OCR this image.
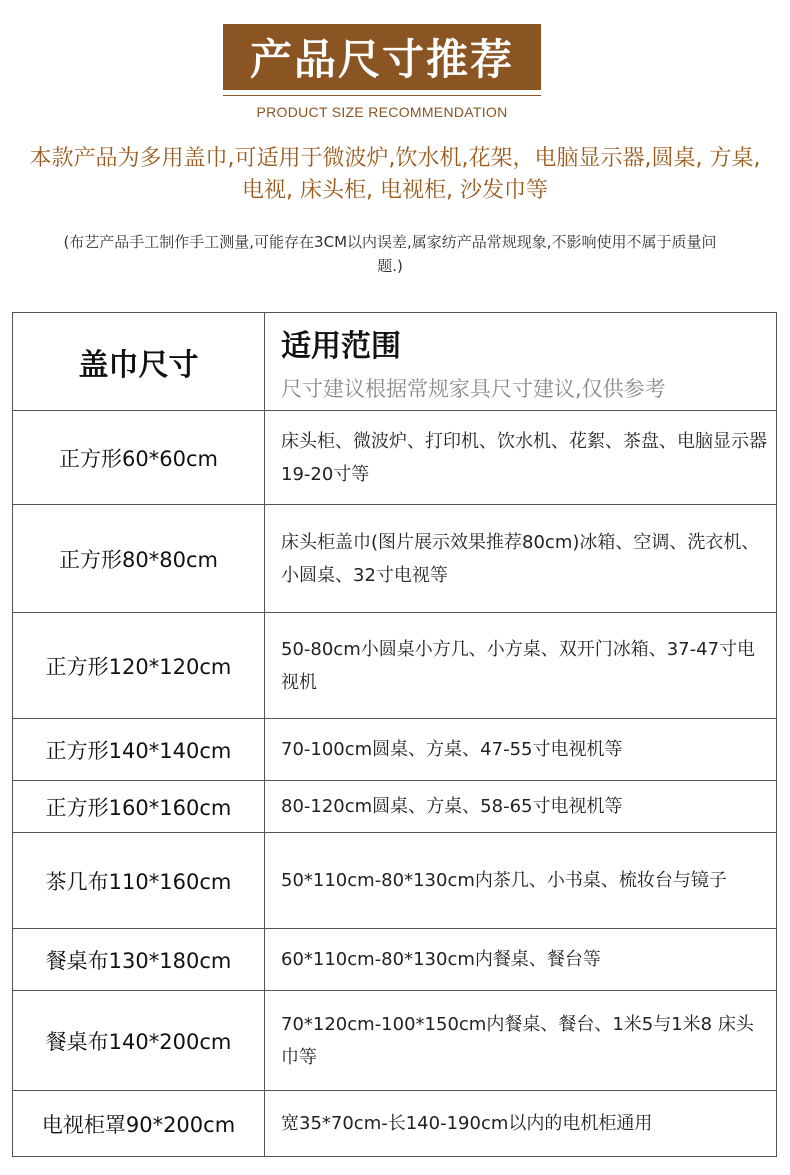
产品尺寸推荐
PRODUCT SIZE RECOMMENDATION
本款产品为多用盖巾,可适用于微波炉,饮水机,花架，电脑显示器,圆桌, 方桌, 电视, 床头柜, 电视柜, 沙发巾等
(布艺产品手工制作手工测量,可能存在3CM以内误差,属家纺产品常规现象,不影响使用不属于质量问题.)
盖巾尺寸	适用范围
尺寸建议根据常规家具尺寸建议,仅供参考

正方形60*60cm	床头柜、微波炉、打印机、饮水机、花絮、茶盘、电脑显示器19-20寸等
正方形80*80cm	床头柜盖巾(图片展示效果推荐80cm)冰箱、空调、洗衣机、小圆桌、32寸电视等
正方形120*120cm	50-80cm小圆桌小方几、小方桌、双开门冰箱、37-47寸电视机
正方形140*140cm	70-100cm圆桌、方桌、47-55寸电视机等
正方形160*160cm	80-120cm圆桌、方桌、58-65寸电视机等
茶几布110*160cm	50*110cm-80*130cm内茶几、小书桌、梳妆台与镜子
餐桌布130*180cm	60*110cm-80*130cm内餐桌、餐台等
餐桌布140*200cm	70*120cm-100*150cm内餐桌、餐台、1米5与1米8 床头巾等
电视柜罩90*200cm	宽35*70cm-长140-190cm以内的电机柜通用
